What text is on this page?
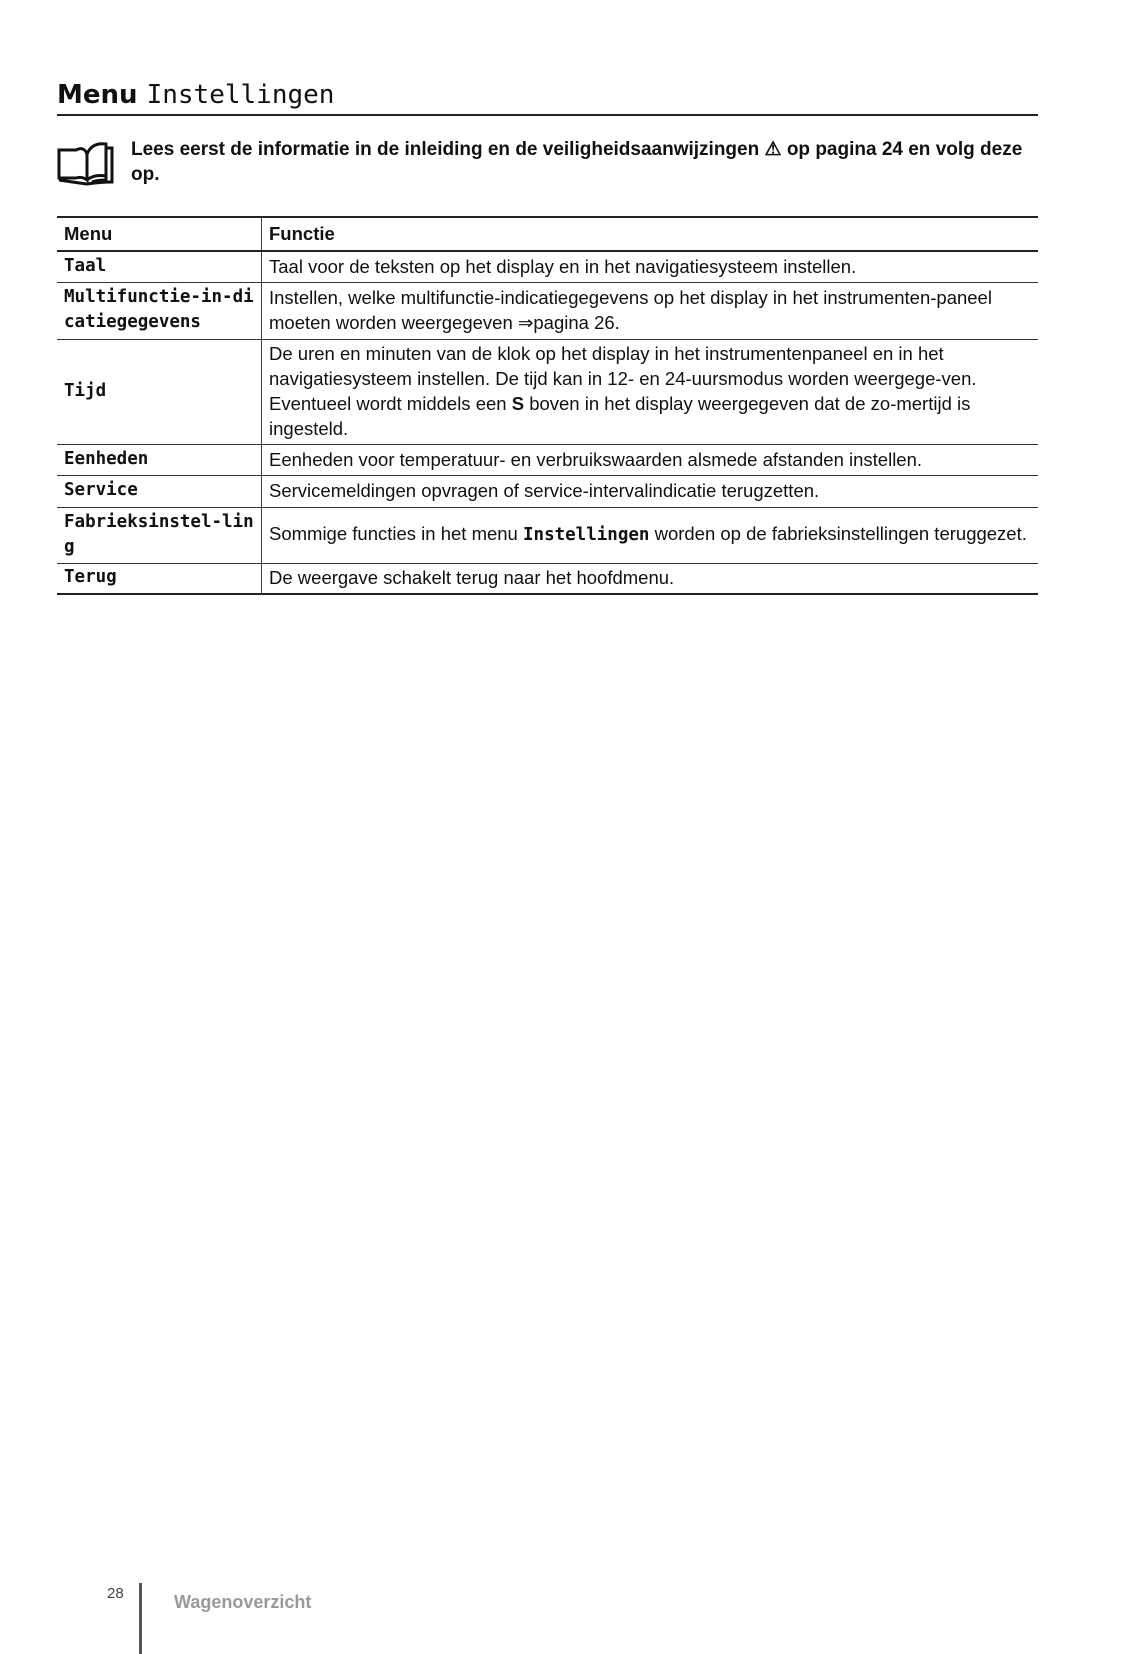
Menu Instellingen
Lees eerst de informatie in de inleiding en de veiligheidsaanwijzingen ⚠ op pagina 24 en volg deze op.
Menu	Functie
Taal	Taal voor de teksten op het display en in het navigatiesysteem instellen.
Multifunctie-in-dicatiegegevens	Instellen, welke multifunctie-indicatiegegevens op het display in het instrumenten-paneel moeten worden weergegeven ⇒pagina 26.
Tijd	De uren en minuten van de klok op het display in het instrumentenpaneel en in het navigatiesysteem instellen. De tijd kan in 12- en 24-uursmodus worden weergege-ven. Eventueel wordt middels een S boven in het display weergegeven dat de zo-mertijd is ingesteld.
Eenheden	Eenheden voor temperatuur- en verbruikswaarden alsmede afstanden instellen.
Service	Servicemeldingen opvragen of service-intervalindicatie terugzetten.
Fabrieksinstel-ling	Sommige functies in het menu Instellingen worden op de fabrieksinstellingen teruggezet.
Terug	De weergave schakelt terug naar het hoofdmenu.
28	Wagenoverzicht
